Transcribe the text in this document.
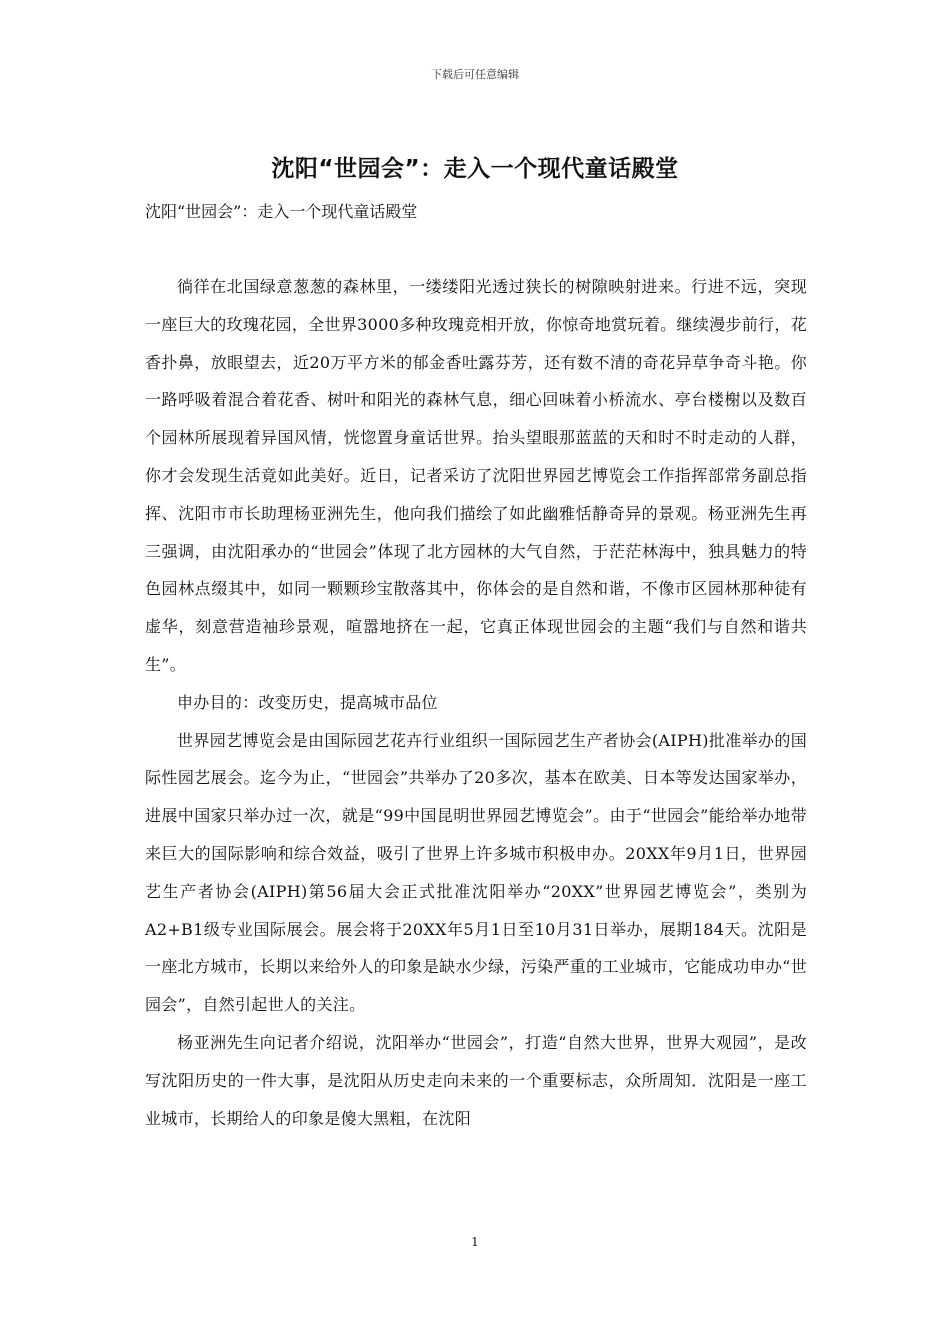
下载后可任意编辑
沈阳“世园会”：走入一个现代童话殿堂
沈阳“世园会”：走入一个现代童话殿堂

徜徉在北国绿意葱葱的森林里，一缕缕阳光透过狭长的树隙映射进来。行进不远，突现一座巨大的玫瑰花园，全世界3000多种玫瑰竞相开放，你惊奇地赏玩着。继续漫步前行，花香扑鼻，放眼望去，近20万平方米的郁金香吐露芬芳，还有数不清的奇花异草争奇斗艳。你一路呼吸着混合着花香、树叶和阳光的森林气息，细心回味着小桥流水、亭台楼榭以及数百个园林所展现着异国风情，恍惚置身童话世界。抬头望眼那蓝蓝的天和时不时走动的人群，你才会发现生活竟如此美好。近日，记者采访了沈阳世界园艺博览会工作指挥部常务副总指挥、沈阳市市长助理杨亚洲先生，他向我们描绘了如此幽雅恬静奇异的景观。杨亚洲先生再三强调，由沈阳承办的“世园会”体现了北方园林的大气自然，于茫茫林海中，独具魅力的特色园林点缀其中，如同一颗颗珍宝散落其中，你体会的是自然和谐，不像市区园林那种徒有虚华，刻意营造袖珍景观，喧嚣地挤在一起，它真正体现世园会的主题“我们与自然和谐共生”。

申办目的：改变历史，提高城市品位

世界园艺博览会是由国际园艺花卉行业组织一国际园艺生产者协会(AIPH)批准举办的国际性园艺展会。迄今为止，“世园会”共举办了20多次，基本在欧美、日本等发达国家举办，进展中国家只举办过一次，就是“99中国昆明世界园艺博览会”。由于“世园会”能给举办地带来巨大的国际影响和综合效益，吸引了世界上许多城市积极申办。20XX年9月1日，世界园艺生产者协会(AIPH)第56届大会正式批准沈阳举办“20XX”世界园艺博览会”，类别为A2+B1级专业国际展会。展会将于20XX年5月1日至10月31日举办，展期184天。沈阳是一座北方城市，长期以来给外人的印象是缺水少绿，污染严重的工业城市，它能成功申办“世园会”，自然引起世人的关注。

杨亚洲先生向记者介绍说，沈阳举办“世园会”，打造“自然大世界，世界大观园”，是改写沈阳历史的一件大事，是沈阳从历史走向未来的一个重要标志，众所周知．沈阳是一座工业城市，长期给人的印象是傻大黑粗，在沈阳

1
